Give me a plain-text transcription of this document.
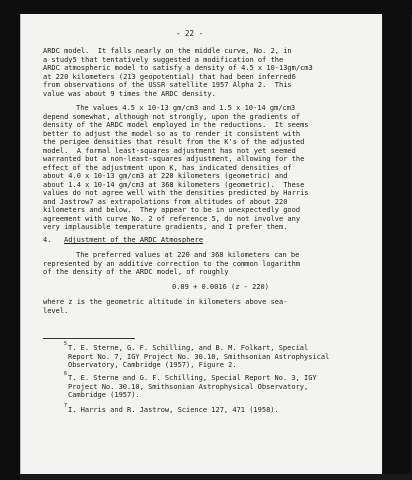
- 22 -
ARDC model.  It falls nearly on the middle curve, No. 2, in
a study5 that tentatively suggested a modification of the
ARDC atmospheric model to satisfy a density of 4.5 x 10-13gm/cm3
at 220 kilometers (213 geopotential) that had been inferred6
from observations of the USSR satellite 1957 Alpha 2.  This
value was about 9 times the ARDC density.
The values 4.5 x 10-13 gm/cm3 and 1.5 x 10-14 gm/cm3
depend somewhat, although not strongly, upon the gradients of
density of the ARDC model employed in the reductions.  It seems
better to adjust the model so as to render it consistent with
the perigee densities that result from the K's of the adjusted
model.  A formal least-squares adjustment has not yet seemed
warranted but a non-least-squares adjustment, allowing for the
effect of the adjustment upon K, has indicated densities of
about 4.0 x 10-13 gm/cm3 at 220 kilometers (geometric) and
about 1.4 x 10-14 gm/cm3 at 368 kilometers (geometric).  These
values do not agree well with the densities predicted by Harris
and Jastrow7 as extrapolations from altitudes of about 220
kilometers and below.  They appear to be in unexpectedly good
agreement with curve No. 2 of reference 5, do not involve any
very implausible temperature gradients, and I prefer them.
4. Adjustment of the ARDC Atmosphere
The preferred values at 220 and 368 kilometers can be
represented by an additive correction to the common logarithm
of the density of the ARDC model, of roughly
0.89 + 0.0016 (z - 220)
where z is the geometric altitude in kilometers above sea-
level.
5 T. E. Sterne, G. F. Schilling, and B. M. Folkart, Special
Report No. 7, IGY Project No. 30.10, Smithsonian Astrophysical
Observatory, Cambridge (1957), Figure 2.
6 T. E. Sterne and G. F. Schilling, Special Report No. 3, IGY
Project No. 30.10, Smithsonian Astrophysical Observatory,
Cambridge (1957).
7 I. Harris and R. Jastrow, Science 127, 471 (1958).
